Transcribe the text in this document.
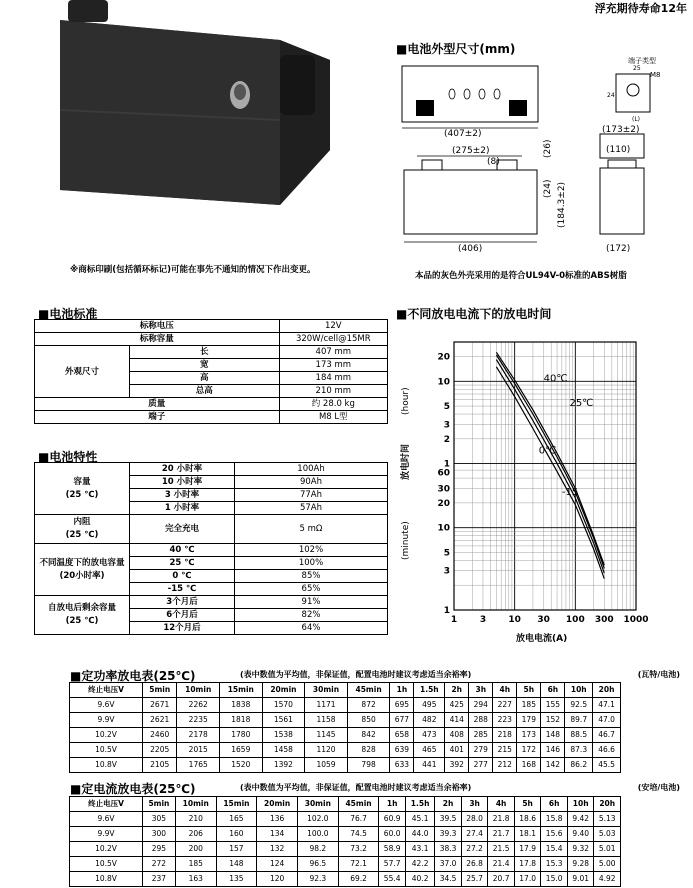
浮充期待寿命12年
※商标印刷(包括循环标记)可能在事先不通知的情况下作出变更。
■电池外型尺寸(mm)
(407±2)
(275±2)
(8)
(26)
(24) (184.3±2)
(406)
端子类型
M8
25
24
(L)
(173±2)
(110)
(172)
本品的灰色外壳采用的是符合UL94V-0标准的ABS树脂
■电池标准
标称电压		12V
标称容量		320W/cell@15MR
外观尺寸	长	407 mm
	宽	173 mm
	高	184 mm
	总高	210 mm
质量		约 28.0 kg
端子		M8 L型
■电池特性
容量
(25 ℃)	20 小时率	100Ah
	10 小时率	90Ah
	3 小时率	77Ah
	1 小时率	57Ah
内阻
(25 ℃)	完全充电	5 mΩ
不同温度下的放电容量
(20小时率)	40 ℃	102%
	25 ℃	100%
	0 ℃	85%
	-15 ℃	65%
自放电后剩余容量
(25 ℃)	3个月后	91%
	6个月后	82%
	12个月后	64%
■不同放电电流下的放电时间
1	3 10 30 100 300 1000
20
10
5
3
2
1
60
30
20
10
5
3
1
40℃
25℃
0℃
-15
(hour)
放电时间
(minute)
放电电流(A)
■定功率放电表(25℃)	(表中数值为平均值，非保证值，配置电池时建议考虑适当余裕率)	(瓦特/电池)
终止电压V	5min	10min	15min	20min	30min	45min	1h	1.5h	2h	3h	4h	5h	6h	10h	20h
9.6V	2671	2262	1838	1570	1171	872	695	495	425	294	227	185	155	92.5	47.1
9.9V	2621	2235	1818	1561	1158	850	677	482	414	288	223	179	152	89.7	47.0
10.2V	2460	2178	1780	1538	1145	842	658	473	408	285	218	173	148	88.5	46.7
10.5V	2205	2015	1659	1458	1120	828	639	465	401	279	215	172	146	87.3	46.6
10.8V	2105	1765	1520	1392	1059	798	633	441	392	277	212	168	142	86.2	45.5
■定电流放电表(25℃)	(表中数值为平均值，非保证值，配置电池时建议考虑适当余裕率)	(安培/电池)
终止电压V	5min	10min	15min	20min	30min	45min	1h	1.5h	2h	3h	4h	5h	6h	10h	20h
9.6V	305	210	165	136	102.0	76.7	60.9	45.1	39.5	28.0	21.8	18.6	15.8	9.42	5.13
9.9V	300	206	160	134	100.0	74.5	60.0	44.0	39.3	27.4	21.7	18.1	15.6	9.40	5.03
10.2V	295	200	157	132	98.2	73.2	58.9	43.1	38.3	27.2	21.5	17.9	15.4	9.32	5.01
10.5V	272	185	148	124	96.5	72.1	57.7	42.2	37.0	26.8	21.4	17.8	15.3	9.28	5.00
10.8V	237	163	135	120	92.3	69.2	55.4	40.2	34.5	25.7	20.7	17.0	15.0	9.01	4.92
